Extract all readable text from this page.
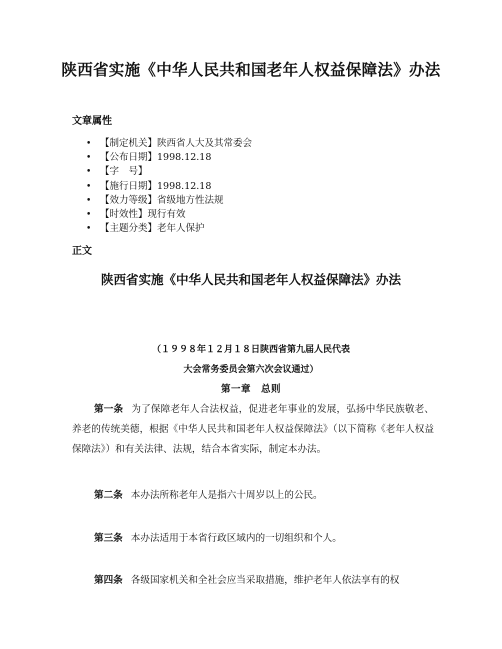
陕西省实施《中华人民共和国老年人权益保障法》办法
文章属性
• 【制定机关】陕西省人大及其常委会
• 【公布日期】1998.12.18
• 【字　号】
• 【施行日期】1998.12.18
• 【效力等级】省级地方性法规
• 【时效性】现行有效
• 【主题分类】老年人保护
正文
陕西省实施《中华人民共和国老年人权益保障法》办法
（１９９８年１２月１８日陕西省第九届人民代表
大会常务委员会第六次会议通过）
第一章　总则
第一条 为了保障老年人合法权益，促进老年事业的发展，弘扬中华民族敬老、养老的传统美德，根据《中华人民共和国老年人权益保障法》（以下简称《老年人权益保障法》）和有关法律、法规，结合本省实际，制定本办法。
第二条 本办法所称老年人是指六十周岁以上的公民。
第三条 本办法适用于本省行政区域内的一切组织和个人。
第四条 各级国家机关和全社会应当采取措施，维护老年人依法享有的权
